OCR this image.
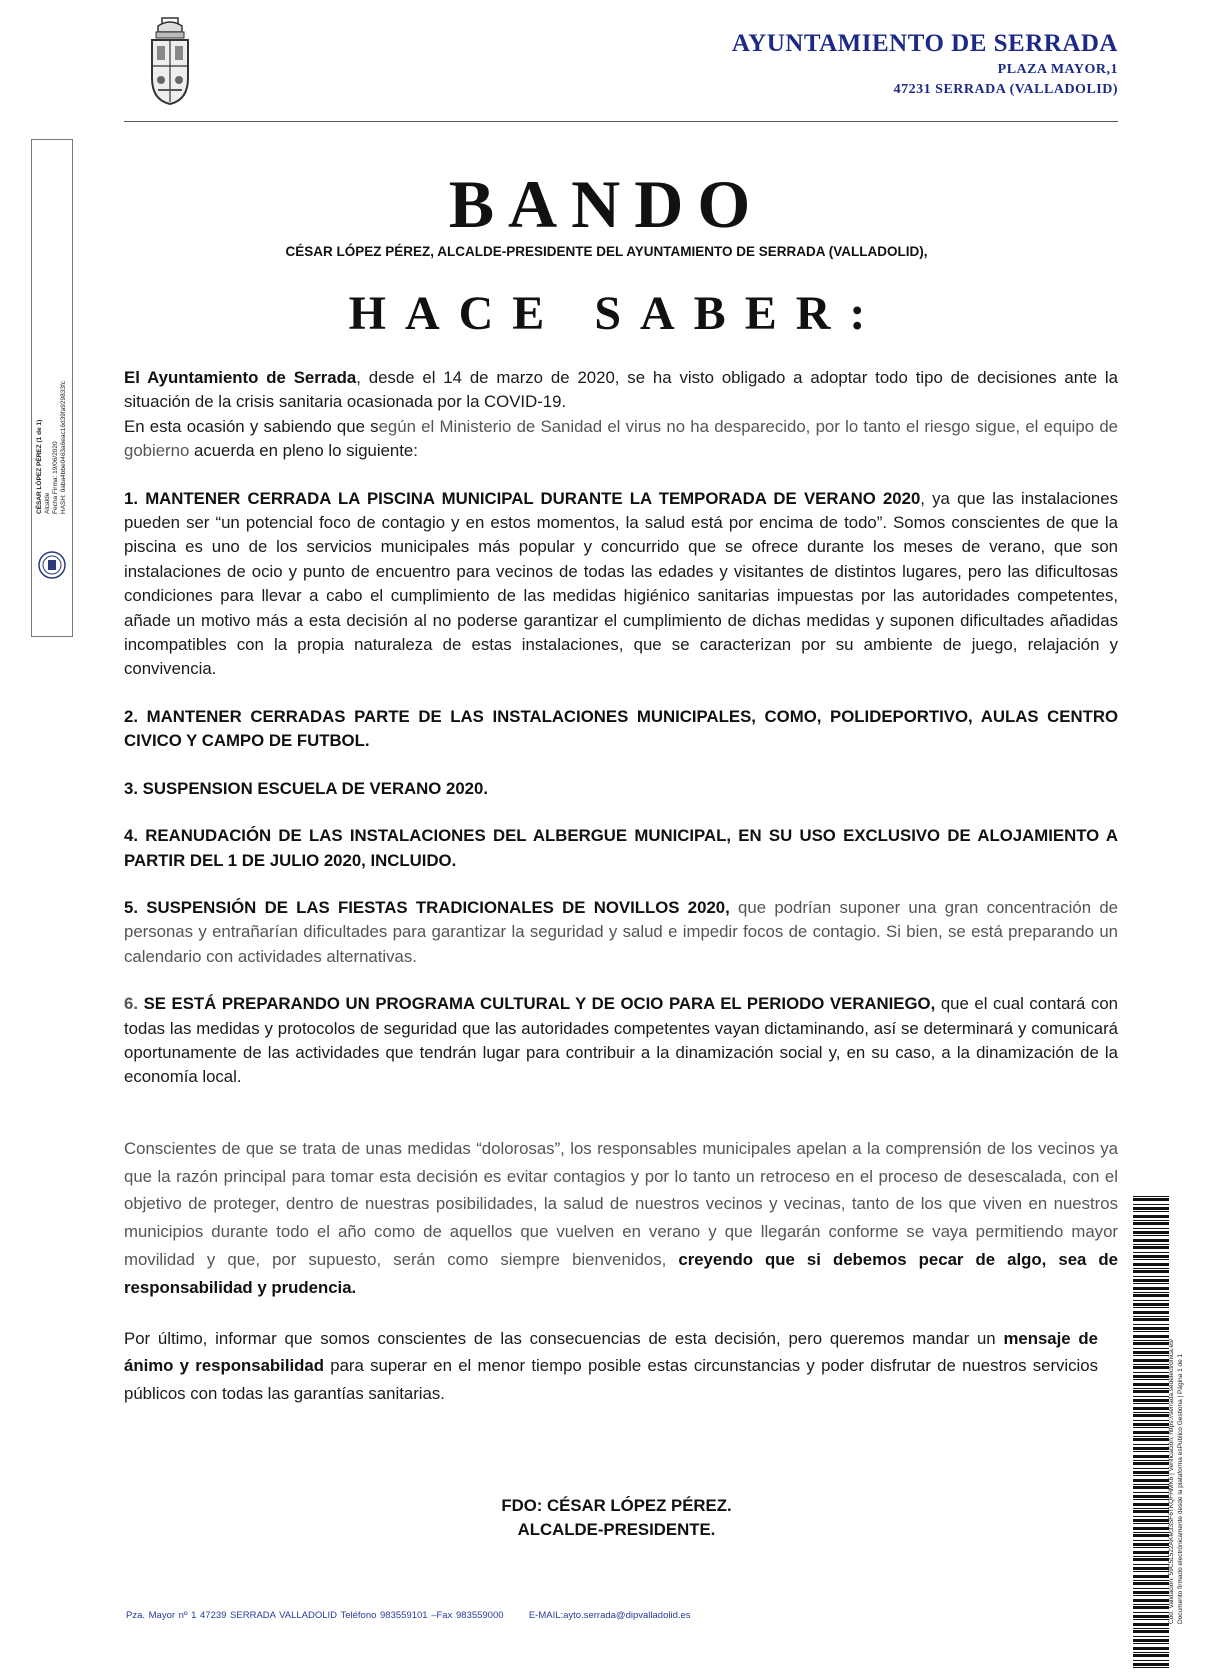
AYUNTAMIENTO DE SERRADA
PLAZA MAYOR,1
47231 SERRADA (VALLADOLID)
CÉSAR LÓPEZ PÉREZ (1 de 1) Alcalde Fecha Firma: 19/06/2020 HASH: 0aba4bbe0463a6eac16d39fa929833fc
BANDO
CÉSAR LÓPEZ PÉREZ, ALCALDE-PRESIDENTE DEL AYUNTAMIENTO DE SERRADA (VALLADOLID),
HACE SABER:

El Ayuntamiento de Serrada, desde el 14 de marzo de 2020, se ha visto obligado a adoptar todo tipo de decisiones ante la situación de la crisis sanitaria ocasionada por la COVID-19.

En esta ocasión y sabiendo que según el Ministerio de Sanidad el virus no ha desparecido, por lo tanto el riesgo sigue, el equipo de gobierno acuerda en pleno lo siguiente:

1. MANTENER CERRADA LA PISCINA MUNICIPAL DURANTE LA TEMPORADA DE VERANO 2020, ya que las instalaciones pueden ser “un potencial foco de contagio y en estos momentos, la salud está por encima de todo”. Somos conscientes de que la piscina es uno de los servicios municipales más popular y concurrido que se ofrece durante los meses de verano, que son instalaciones de ocio y punto de encuentro para vecinos de todas las edades y visitantes de distintos lugares, pero las dificultosas condiciones para llevar a cabo el cumplimiento de las medidas higiénico sanitarias impuestas por las autoridades competentes, añade un motivo más a esta decisión al no poderse garantizar el cumplimiento de dichas medidas y suponen dificultades añadidas incompatibles con la propia naturaleza de estas instalaciones, que se caracterizan por su ambiente de juego, relajación y convivencia.

2. MANTENER CERRADAS PARTE DE LAS INSTALACIONES MUNICIPALES, COMO, POLIDEPORTIVO, AULAS CENTRO CIVICO Y CAMPO DE FUTBOL.

3. SUSPENSION ESCUELA DE VERANO 2020.

4. REANUDACIÓN DE LAS INSTALACIONES DEL ALBERGUE MUNICIPAL, EN SU USO EXCLUSIVO DE ALOJAMIENTO A PARTIR DEL 1 DE JULIO 2020, INCLUIDO.

5. SUSPENSIÓN DE LAS FIESTAS TRADICIONALES DE NOVILLOS 2020, que podrían suponer una gran concentración de personas y entrañarían dificultades para garantizar la seguridad y salud e impedir focos de contagio. Si bien, se está preparando un calendario con actividades alternativas.

6. SE ESTÁ PREPARANDO UN PROGRAMA CULTURAL Y DE OCIO PARA EL PERIODO VERANIEGO, que el cual contará con todas las medidas y protocolos de seguridad que las autoridades competentes vayan dictaminando, así se determinará y comunicará oportunamente de las actividades que tendrán lugar para contribuir a la dinamización social y, en su caso, a la dinamización de la economía local.

Conscientes de que se trata de unas medidas “dolorosas”, los responsables municipales apelan a la comprensión de los vecinos ya que la razón principal para tomar esta decisión es evitar contagios y por lo tanto un retroceso en el proceso de desescalada, con el objetivo de proteger, dentro de nuestras posibilidades, la salud de nuestros vecinos y vecinas, tanto de los que viven en nuestros municipios durante todo el año como de aquellos que vuelven en verano y que llegarán conforme se vaya permitiendo mayor movilidad y que, por supuesto, serán como siempre bienvenidos, creyendo que si debemos pecar de algo, sea de responsabilidad y prudencia.

Por último, informar que somos conscientes de las consecuencias de esta decisión, pero queremos mandar un mensaje de ánimo y responsabilidad para superar en el menor tiempo posible estas circunstancias y poder disfrutar de nuestros servicios públicos con todas las garantías sanitarias.

FDO: CÉSAR LÓPEZ PÉREZ.
ALCALDE-PRESIDENTE.
Pza. Mayor nº 1 47239 SERRADA VALLADOLID Teléfono 983559101 –Fax 983559000	E-MAIL:ayto.serrada@dipvalladolid.es	Cód. Validación: 59C5L522AKM33SF6TKQFHMK6 | Verificación: https://serrada.sedelectronica.es/ Documento firmado electrónicamente desde la plataforma esPublico Gestiona | Página 1 de 1
